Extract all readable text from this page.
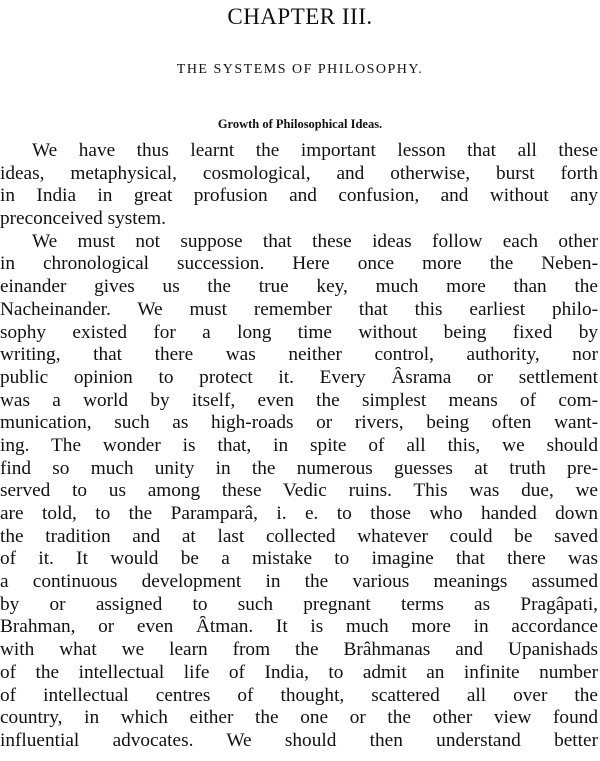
CHAPTER III.
THE SYSTEMS OF PHILOSOPHY.
Growth of Philosophical Ideas.
We have thus learnt the important lesson that all these
ideas, metaphysical, cosmological, and otherwise, burst forth
in India in great profusion and confusion, and without any
preconceived system.
We must not suppose that these ideas follow each other
in chronological succession. Here once more the Neben-
einander gives us the true key, much more than the
Nacheinander. We must remember that this earliest philo-
sophy existed for a long time without being fixed by
writing, that there was neither control, authority, nor
public opinion to protect it. Every Âsrama or settlement
was a world by itself, even the simplest means of com-
munication, such as high-roads or rivers, being often want-
ing. The wonder is that, in spite of all this, we should
find so much unity in the numerous guesses at truth pre-
served to us among these Vedic ruins. This was due, we
are told, to the Paramparâ, i. e. to those who handed down
the tradition and at last collected whatever could be saved
of it. It would be a mistake to imagine that there was
a continuous development in the various meanings assumed
by or assigned to such pregnant terms as Pragâpati,
Brahman, or even Âtman. It is much more in accordance
with what we learn from the Brâhmanas and Upanishads
of the intellectual life of India, to admit an infinite number
of intellectual centres of thought, scattered all over the
country, in which either the one or the other view found
influential advocates. We should then understand better
